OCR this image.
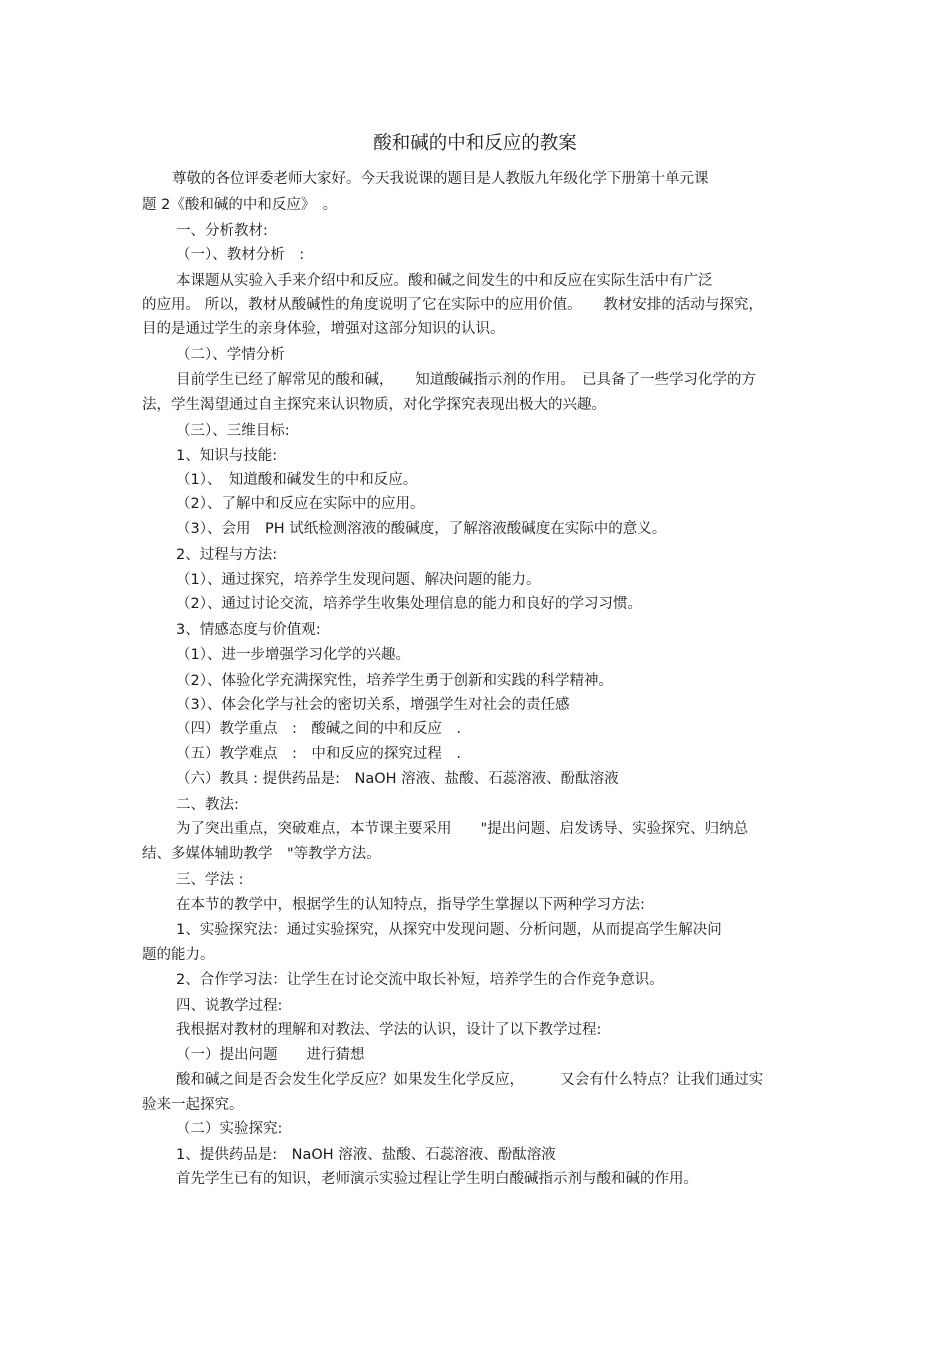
酸和碱的中和反应的教案
尊敬的各位评委老师大家好。今天我说课的题目是人教版九年级化学下册第十单元课
题 2《酸和碱的中和反应》　。
一、分析教材:
（一）、教材分析　:
本课题从实验入手来介绍中和反应。酸和碱之间发生的中和反应在实际生活中有广泛
的应用。 所以，教材从酸碱性的角度说明了它在实际中的应用价值。　　教材安排的活动与探究，
目的是通过学生的亲身体验，增强对这部分知识的认识。
（二）、学情分析
目前学生已经了解常见的酸和碱，　　知道酸碱指示剂的作用。　已具备了一些学习化学的方
法，学生渴望通过自主探究来认识物质，对化学探究表现出极大的兴趣。
（三）、三维目标:
1、知识与技能:
（1）、　知道酸和碱发生的中和反应。
（2）、了解中和反应在实际中的应用。
（3）、会用　PH 试纸检测溶液的酸碱度，了解溶液酸碱度在实际中的意义。
2、过程与方法:
（1）、通过探究，培养学生发现问题、解决问题的能力。
（2）、通过讨论交流，培养学生收集处理信息的能力和良好的学习习惯。
3、情感态度与价值观:
（1）、进一步增强学习化学的兴趣。
（2）、体验化学充满探究性，培养学生勇于创新和实践的科学精神。
（3）、体会化学与社会的密切关系，增强学生对社会的责任感
（四）教学重点　:　酸碱之间的中和反应　.
（五）教学难点　:　中和反应的探究过程　.
（六）教具 : 提供药品是:　NaOH 溶液、盐酸、石蕊溶液、酚酞溶液
二、教法:
为了突出重点，突破难点，本节课主要采用　　"提出问题、启发诱导、实验探究、归纳总
结、多媒体辅助教学　"等教学方法。
三、学法 :
在本节的教学中，根据学生的认知特点，指导学生掌握以下两种学习方法:
1、实验探究法：通过实验探究，从探究中发现问题、分析问题，从而提高学生解决问
题的能力。
2、合作学习法：让学生在讨论交流中取长补短，培养学生的合作竞争意识。
四、说教学过程:
我根据对教材的理解和对教法、学法的认识，设计了以下教学过程:
（一）提出问题　　进行猜想
酸和碱之间是否会发生化学反应？如果发生化学反应，　　　又会有什么特点？让我们通过实
验来一起探究。
（二）实验探究:
1、提供药品是:　NaOH 溶液、盐酸、石蕊溶液、酚酞溶液
首先学生已有的知识，老师演示实验过程让学生明白酸碱指示剂与酸和碱的作用。
